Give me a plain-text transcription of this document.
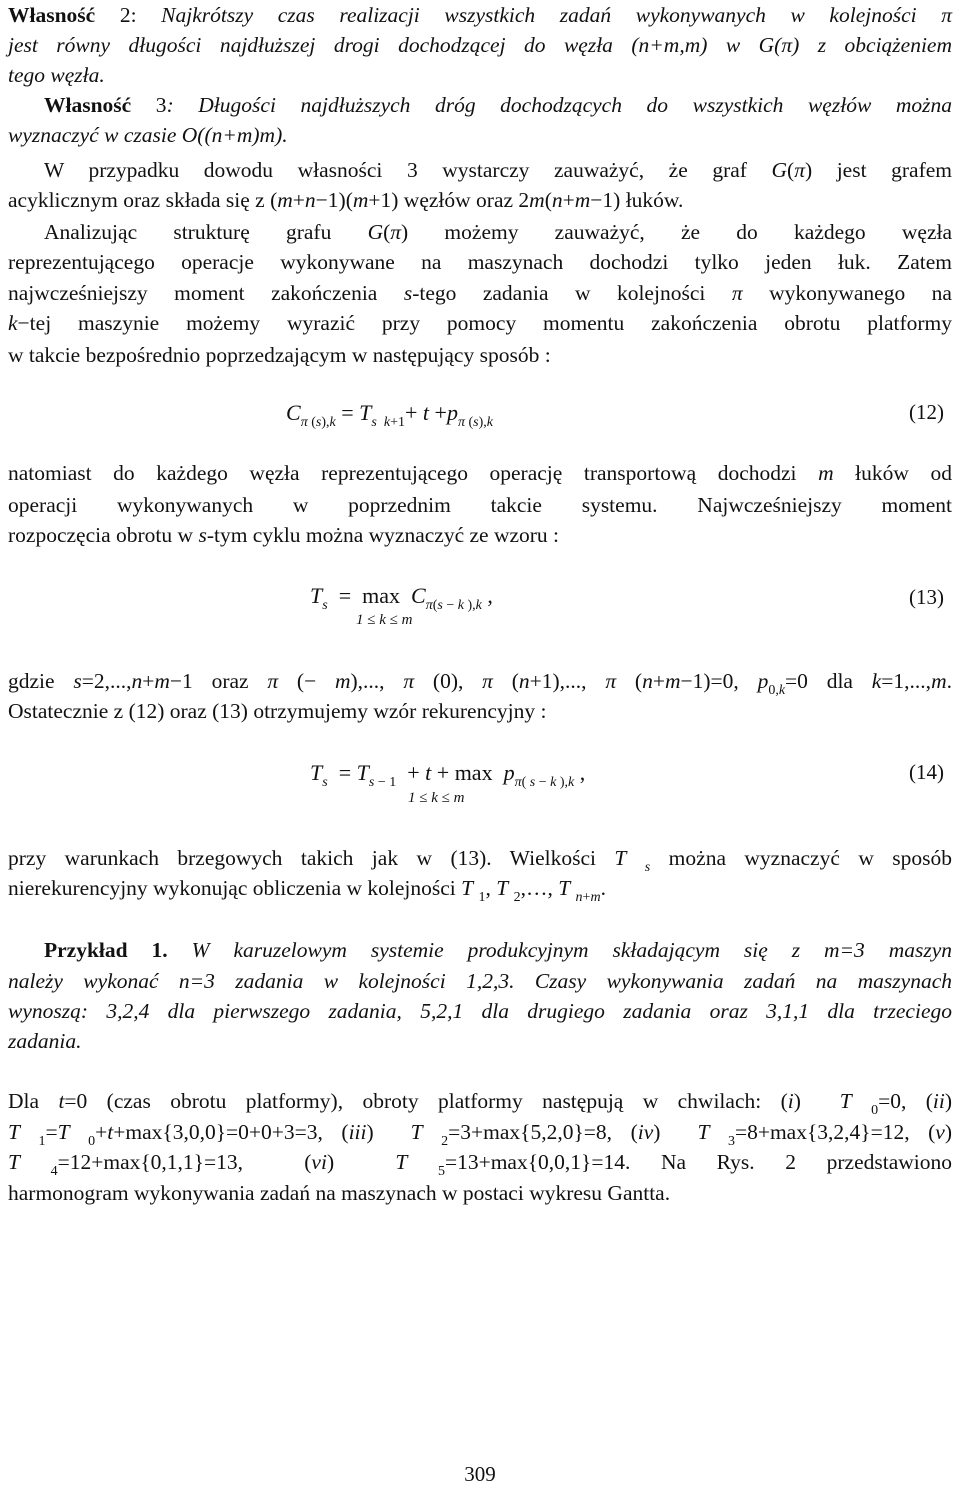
Własność 2: Najkrótszy czas realizacji wszystkich zadań wykonywanych w kolejności π
jest równy długości najdłuższej drogi dochodzącej do węzła (n+m,m) w G(π) z obciążeniem
tego węzła.
Własność 3: Długości najdłuższych dróg dochodzących do wszystkich węzłów można
wyznaczyć w czasie O((n+m)m).
W przypadku dowodu własności 3 wystarczy zauważyć, że graf G(π) jest grafem
acyklicznym oraz składa się z (m+n−1)(m+1) węzłów oraz 2m(n+m−1) łuków.
Analizując strukturę grafu G(π) możemy zauważyć, że do każdego węzła
reprezentującego operacje wykonywane na maszynach dochodzi tylko jeden łuk. Zatem
najwcześniejszy moment zakończenia s-tego zadania w kolejności π wykonywanego na
k−tej maszynie możemy wyrazić przy pomocy momentu zakończenia obrotu platformy
w takcie bezpośrednio poprzedzającym w następujący sposób :
$C_{\pi (s),k} = T_{s k+1}+ t +p_{\pi (s),k}$	(12)
natomiast do każdego węzła reprezentującego operację transportową dochodzi m łuków od
operacji wykonywanych w poprzednim takcie systemu. Najwcześniejszy moment
rozpoczęcia obrotu w s-tym cyklu można wyznaczyć ze wzoru :
$T_s = \max C_{\pi(s - k ),k}$ ,
1 ≤ k ≤ m
(13)
gdzie s=2,...,n+m−1 oraz π (− m),..., π (0), π (n+1),..., π (n+m−1)=0, $p_{0,k}=0$ dla k=1,...,m.
Ostatecznie z (12) oraz (13) otrzymujemy wzór rekurencyjny :
$T_s = T_{s - 1} + t + \max p_{\pi( s - k ),k}$ ,
1 ≤ k ≤ m
(14)
przy warunkach brzegowych takich jak w (13). Wielkości T $_s$ można wyznaczyć w sposób
nierekurencyjny wykonując obliczenia w kolejności T $_1$, T $_2$,…, T $_{n+m}$.
Przykład 1. W karuzelowym systemie produkcyjnym składającym się z m=3 maszyn
należy wykonać n=3 zadania w kolejności 1,2,3. Czasy wykonywania zadań na maszynach
wynoszą: 3,2,4 dla pierwszego zadania, 5,2,1 dla drugiego zadania oraz 3,1,1 dla trzeciego
zadania.
Dla t=0 (czas obrotu platformy), obroty platformy następują w chwilach: (i)  T $_0$=0, (ii)
T $_1$=T $_0$+t+max{3,0,0}=0+0+3=3, (iii)  T $_2$=3+max{5,2,0}=8, (iv)  T $_3$=8+max{3,2,4}=12, (v)
T $_4$=12+max{0,1,1}=13,  (vi)  T $_5$=13+max{0,0,1}=14. Na Rys. 2 przedstawiono
harmonogram wykonywania zadań na maszynach w postaci wykresu Gantta.
309
